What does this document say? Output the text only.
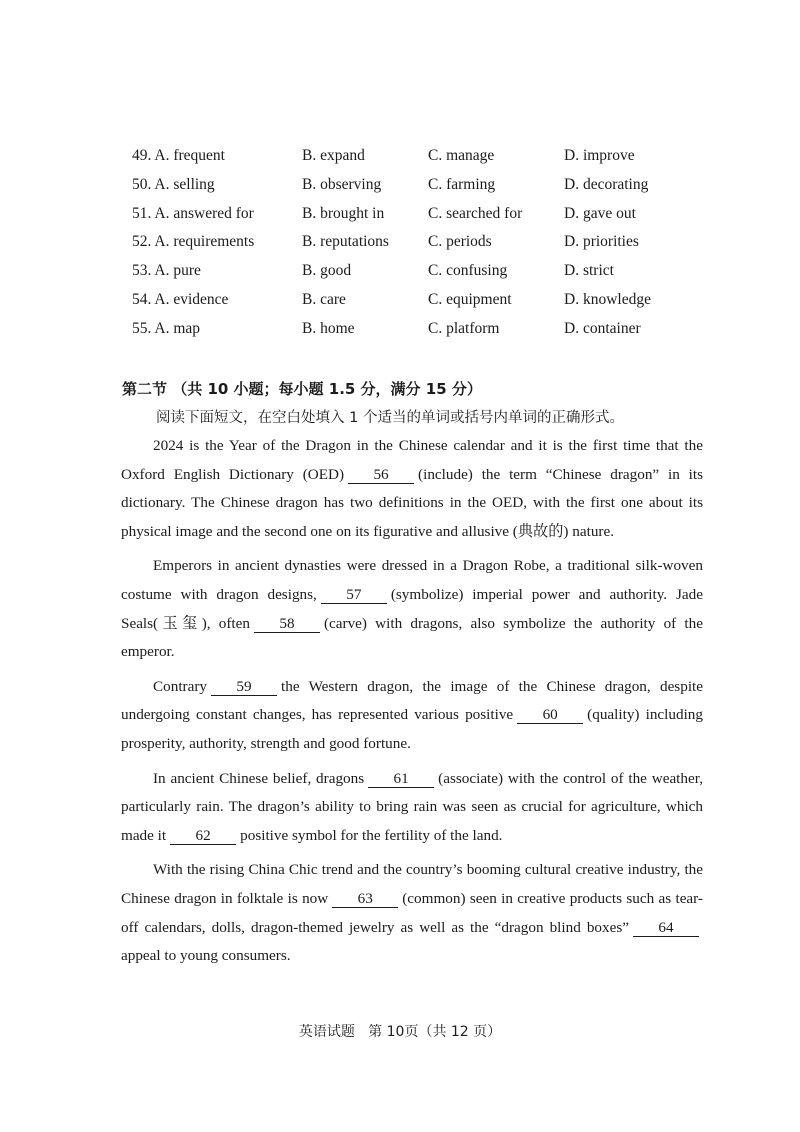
49. A. frequent	B. expand	C. manage	D. improve
50. A. selling	B. observing	C. farming	D. decorating
51. A. answered for	B. brought in	C. searched for	D. gave out
52. A. requirements	B. reputations	C. periods	D. priorities
53. A. pure	B. good	C. confusing	D. strict
54. A. evidence	B. care	C. equipment	D. knowledge
55. A. map	B. home	C. platform	D. container
第二节 （共 10 小题；每小题 1.5 分，满分 15 分）
阅读下面短文，在空白处填入 1 个适当的单词或括号内单词的正确形式。

2024 is the Year of the Dragon in the Chinese calendar and it is the first time that the Oxford English Dictionary (OED) 56 (include) the term “Chinese dragon” in its dictionary. The Chinese dragon has two definitions in the OED, with the first one about its physical image and the second one on its figurative and allusive (典故的) nature.

Emperors in ancient dynasties were dressed in a Dragon Robe, a traditional silk-woven costume with dragon designs, 57 (symbolize) imperial power and authority. Jade Seals(玉玺), often 58 (carve) with dragons, also symbolize the authority of the emperor.

Contrary 59 the Western dragon, the image of the Chinese dragon, despite undergoing constant changes, has represented various positive 60 (quality) including prosperity, authority, strength and good fortune.

In ancient Chinese belief, dragons 61 (associate) with the control of the weather, particularly rain. The dragon’s ability to bring rain was seen as crucial for agriculture, which made it 62 positive symbol for the fertility of the land.

With the rising China Chic trend and the country’s booming cultural creative industry, the Chinese dragon in folktale is now 63 (common) seen in creative products such as tear-off calendars, dolls, dragon-themed jewelry as well as the “dragon blind boxes” 64appeal to young consumers.

英语试题   第 10页（共 12 页）
